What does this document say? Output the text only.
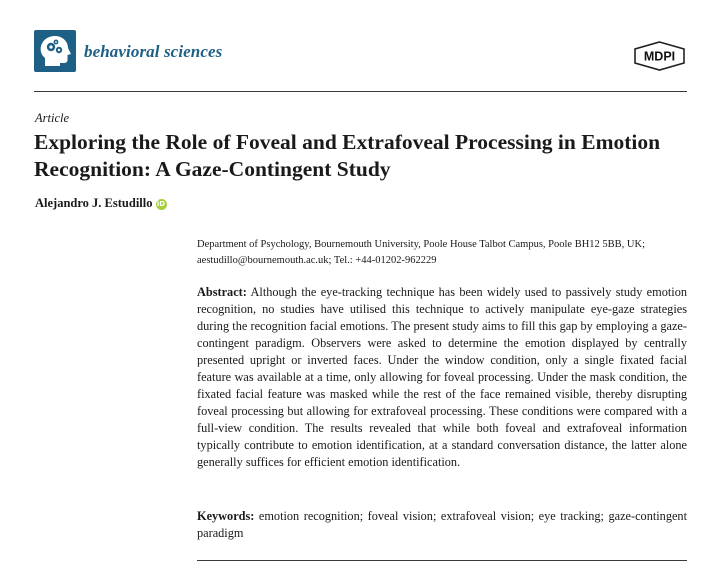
behavioral sciences	MDPI
Article
Exploring the Role of Foveal and Extrafoveal Processing in Emotion Recognition: A Gaze-Contingent Study
Alejandro J. Estudillo iD

Department of Psychology, Bournemouth University, Poole House Talbot Campus, Poole BH12 5BB, UK; aestudillo@bournemouth.ac.uk; Tel.: +44-01202-962229

Abstract: Although the eye-tracking technique has been widely used to passively study emotion recognition, no studies have utilised this technique to actively manipulate eye-gaze strategies during the recognition facial emotions. The present study aims to fill this gap by employing a gaze-contingent paradigm. Observers were asked to determine the emotion displayed by centrally presented upright or inverted faces. Under the window condition, only a single fixated facial feature was available at a time, only allowing for foveal processing. Under the mask condition, the fixated facial feature was masked while the rest of the face remained visible, thereby disrupting foveal processing but allowing for extrafoveal processing. These conditions were compared with a full-view condition. The results revealed that while both foveal and extrafoveal information typically contribute to emotion identification, at a standard conversation distance, the latter alone generally suffices for efficient emotion identification.

Keywords: emotion recognition; foveal vision; extrafoveal vision; eye tracking; gaze-contingent paradigm
